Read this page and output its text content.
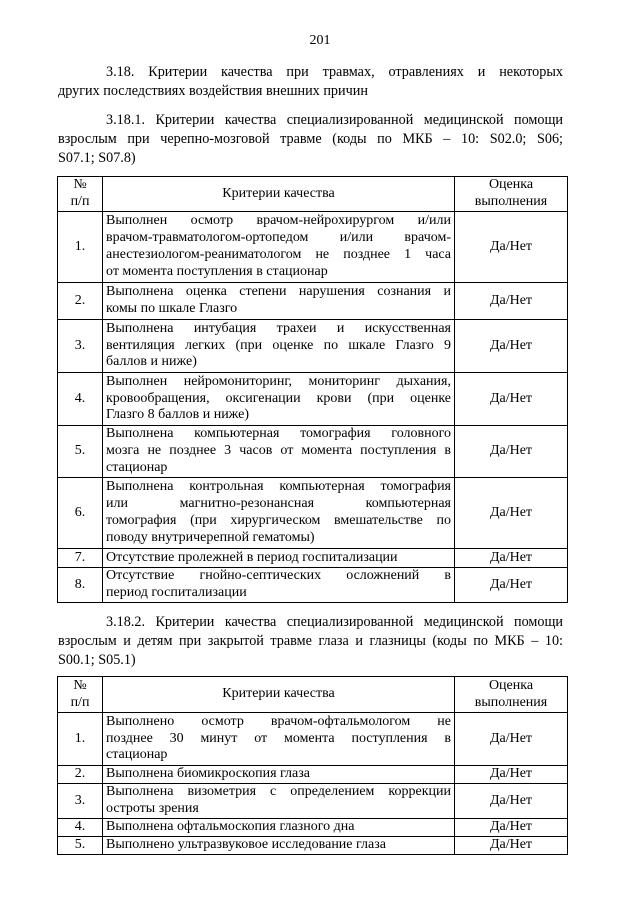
201
3.18. Критерии качества при травмах, отравлениях и некоторых
других последствиях воздействия внешних причин
3.18.1. Критерии качества специализированной медицинской помощи
взрослым при черепно-мозговой травме (коды по МКБ – 10: S02.0; S06;
S07.1; S07.8)
№
п/п	Критерии качества	Оценка
выполнения
1.	Выполнен осмотр врачом-нейрохирургом и/или
врачом-травматологом-ортопедом и/или врачом-
анестезиологом-реаниматологом не позднее 1 часа
от момента поступления в стационар	Да/Нет
2.	Выполнена оценка степени нарушения сознания и
комы по шкале Глазго	Да/Нет
3.	Выполнена интубация трахеи и искусственная
вентиляция легких (при оценке по шкале Глазго 9
баллов и ниже)	Да/Нет
4.	Выполнен нейромониторинг, мониторинг дыхания,
кровообращения, оксигенации крови (при оценке
Глазго 8 баллов и ниже)	Да/Нет
5.	Выполнена компьютерная томография головного
мозга не позднее 3 часов от момента поступления в
стационар	Да/Нет
6.	Выполнена контрольная компьютерная томография
или магнитно-резонансная компьютерная
томография (при хирургическом вмешательстве по
поводу внутричерепной гематомы)	Да/Нет
7.	Отсутствие пролежней в период госпитализации	Да/Нет
8.	Отсутствие гнойно-септических осложнений в
период госпитализации	Да/Нет
3.18.2. Критерии качества специализированной медицинской помощи
взрослым и детям при закрытой травме глаза и глазницы (коды по МКБ – 10:
S00.1; S05.1)
№
п/п	Критерии качества	Оценка
выполнения
1.	Выполнено осмотр врачом-офтальмологом не
позднее 30 минут от момента поступления в
стационар	Да/Нет
2.	Выполнена биомикроскопия глаза	Да/Нет
3.	Выполнена визометрия с определением коррекции
остроты зрения	Да/Нет
4.	Выполнена офтальмоскопия глазного дна	Да/Нет
5.	Выполнено ультразвуковое исследование глаза	Да/Нет
